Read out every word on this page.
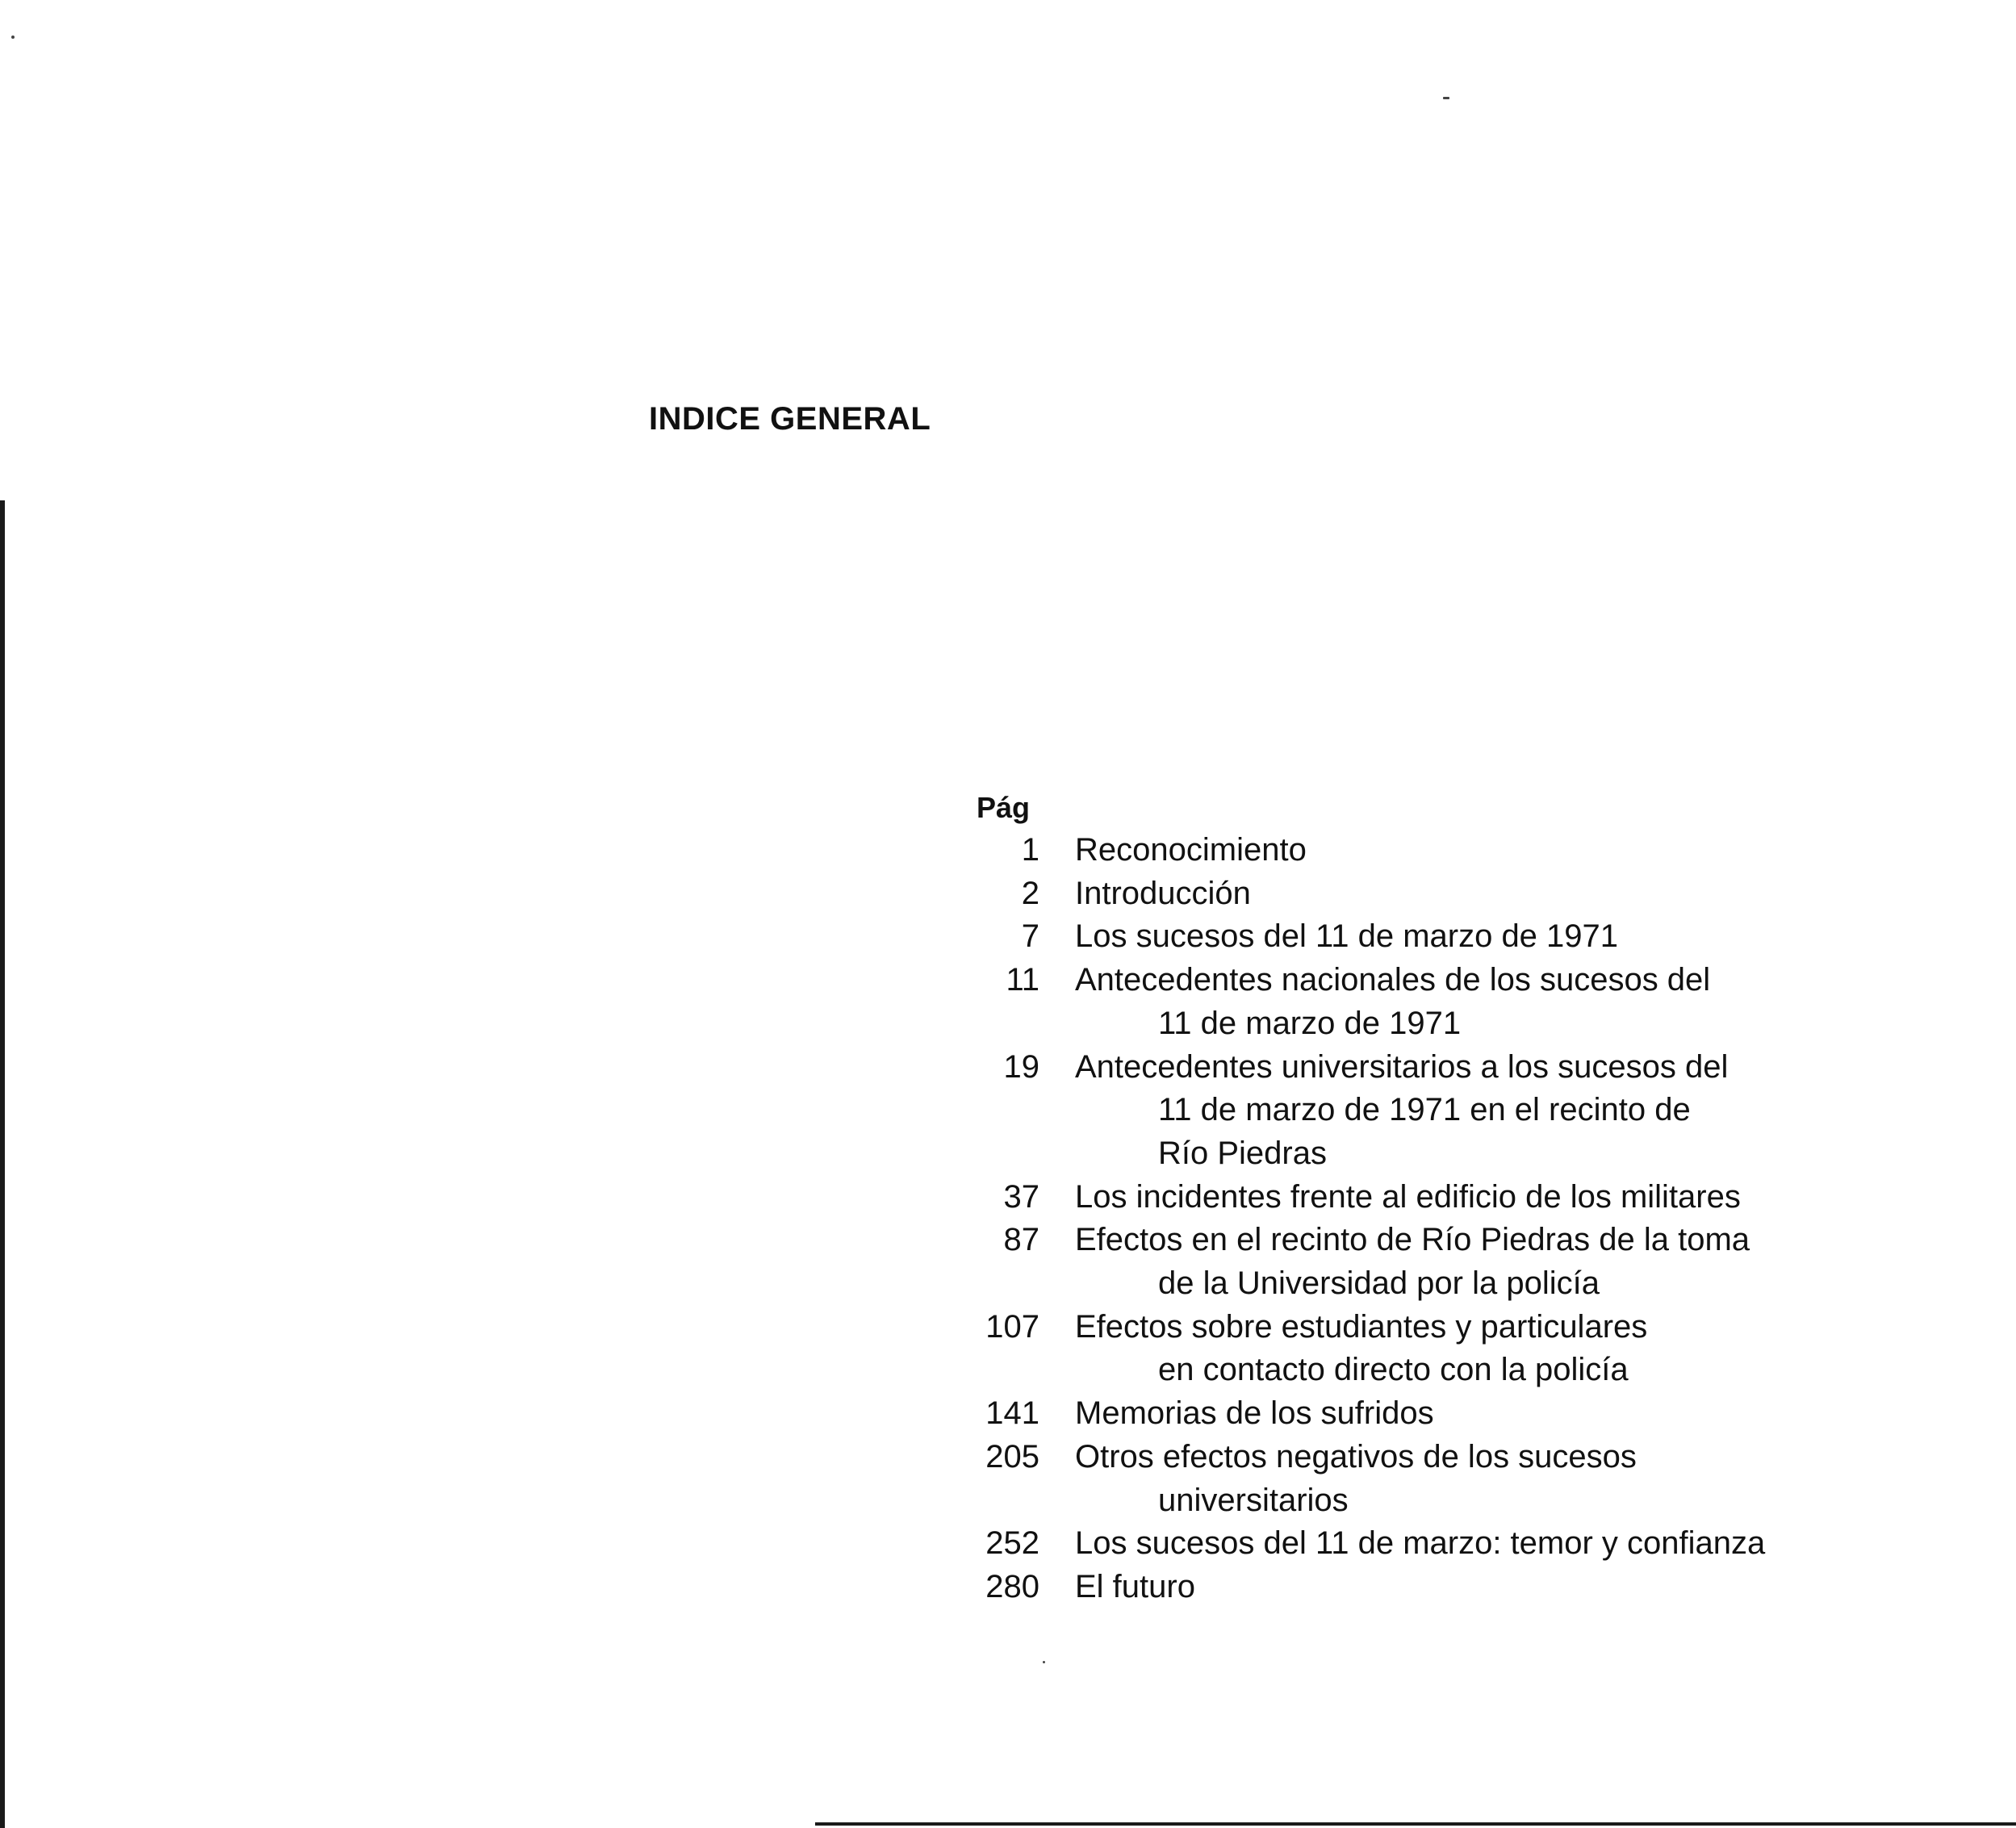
INDICE GENERAL
Pág
1 Reconocimiento
2 Introducción
7 Los sucesos del 11 de marzo de 1971
11 Antecedentes nacionales de los sucesos del
11 de marzo de 1971
19 Antecedentes universitarios a los sucesos del
11 de marzo de 1971 en el recinto de
Río Piedras
37 Los incidentes frente al edificio de los militares
87 Efectos en el recinto de Río Piedras de la toma
de la Universidad por la policía
107 Efectos sobre estudiantes y particulares
en contacto directo con la policía
141 Memorias de los sufridos
205 Otros efectos negativos de los sucesos
universitarios
252 Los sucesos del 11 de marzo: temor y confianza
280 El futuro
